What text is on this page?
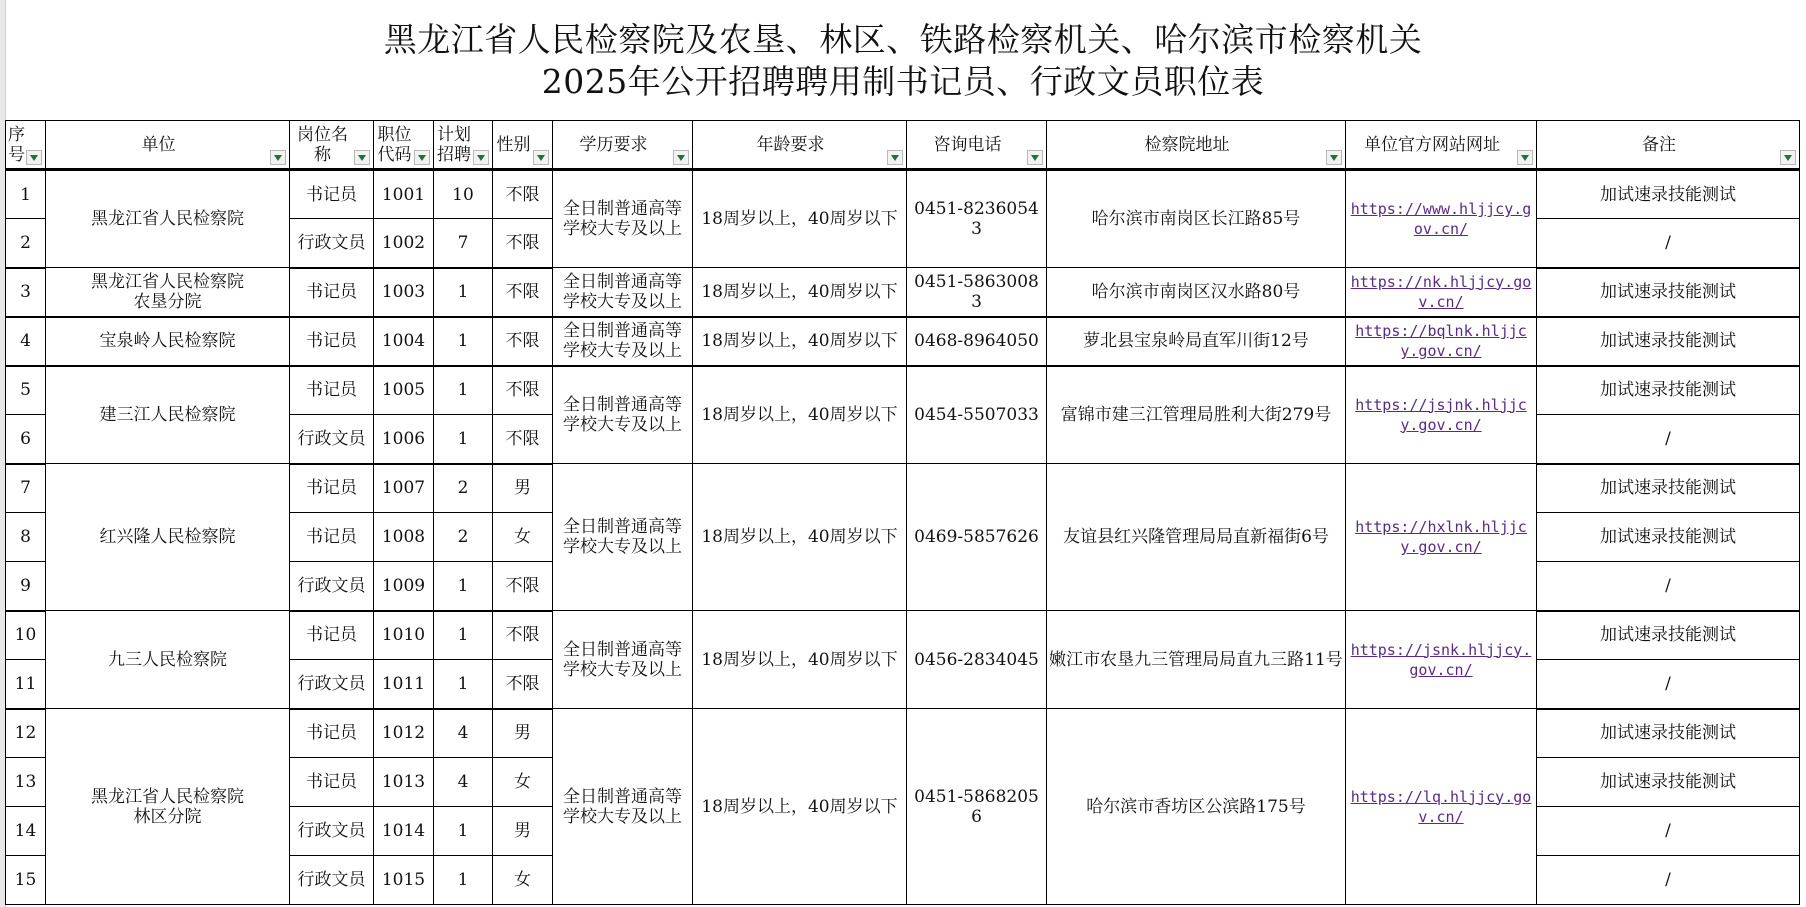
黑龙江省人民检察院及农垦、林区、铁路检察机关、哈尔滨市检察机关
2025年公开招聘聘用制书记员、行政文员职位表
序号	单位	岗位名称	职位代码	计划招聘	性别	学历要求	年龄要求	咨询电话	检察院地址	单位官方网站网址	备注

1	黑龙江省人民检察院	书记员	1001	10	不限	全日制普通高等学校大专及以上	18周岁以上，40周岁以下	0451-82360543	哈尔滨市南岗区长江路85号	https://www.hljjcy.gov.cn/	加试速录技能测试
2		行政文员	1002	7	不限						/
3	黑龙江省人民检察院农垦分院	书记员	1003	1	不限	全日制普通高等学校大专及以上	18周岁以上，40周岁以下	0451-58630083	哈尔滨市南岗区汉水路80号	https://nk.hljjcy.gov.cn/	加试速录技能测试
4	宝泉岭人民检察院	书记员	1004	1	不限	全日制普通高等学校大专及以上	18周岁以上，40周岁以下	0468-8964050	萝北县宝泉岭局直军川街12号	https://bqlnk.hljjcy.gov.cn/	加试速录技能测试
5	建三江人民检察院	书记员	1005	1	不限	全日制普通高等学校大专及以上	18周岁以上，40周岁以下	0454-5507033	富锦市建三江管理局胜利大街279号	https://jsjnk.hljjcy.gov.cn/	加试速录技能测试
6		行政文员	1006	1	不限						/
7	红兴隆人民检察院	书记员	1007	2	男	全日制普通高等学校大专及以上	18周岁以上，40周岁以下	0469-5857626	友谊县红兴隆管理局局直新福街6号	https://hxlnk.hljjcy.gov.cn/	加试速录技能测试
8		书记员	1008	2	女						加试速录技能测试
9		行政文员	1009	1	不限						/
10	九三人民检察院	书记员	1010	1	不限	全日制普通高等学校大专及以上	18周岁以上，40周岁以下	0456-2834045	嫩江市农垦九三管理局局直九三路11号	https://jsnk.hljjcy.gov.cn/	加试速录技能测试
11		行政文员	1011	1	不限						/
12	黑龙江省人民检察院林区分院	书记员	1012	4	男	全日制普通高等学校大专及以上	18周岁以上，40周岁以下	0451-58682056	哈尔滨市香坊区公滨路175号	https://lq.hljjcy.gov.cn/	加试速录技能测试
13		书记员	1013	4	女						加试速录技能测试
14		行政文员	1014	1	男						/
15		行政文员	1015	1	女						/
